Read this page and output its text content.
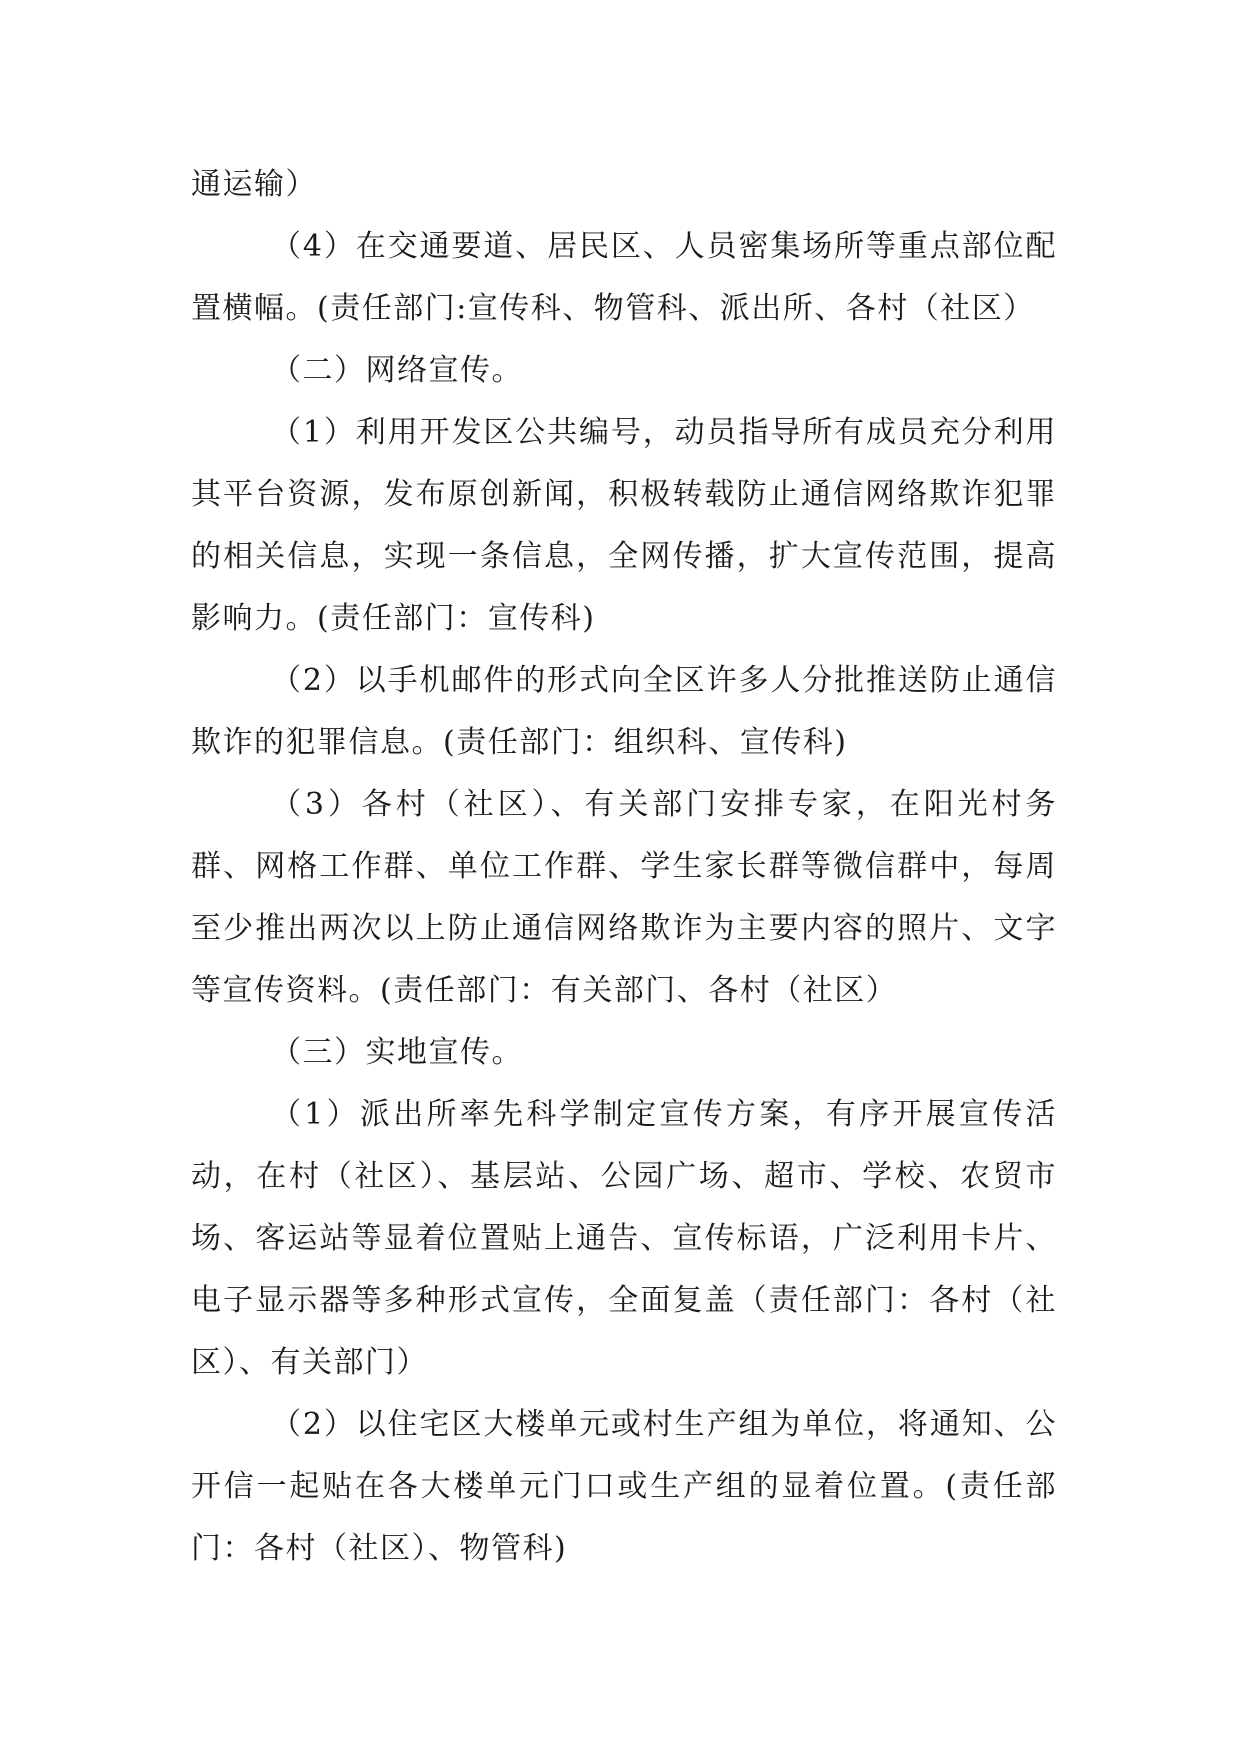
通运输）

（4）在交通要道、居民区、人员密集场所等重点部位配置横幅。(责任部门:宣传科、物管科、派出所、各村（社区）

（二）网络宣传。

（1）利用开发区公共编号，动员指导所有成员充分利用其平台资源，发布原创新闻，积极转载防止通信网络欺诈犯罪的相关信息，实现一条信息，全网传播，扩大宣传范围，提高影响力。(责任部门：宣传科)

（2）以手机邮件的形式向全区许多人分批推送防止通信欺诈的犯罪信息。(责任部门：组织科、宣传科)

（3）各村（社区）、有关部门安排专家，在阳光村务群、网格工作群、单位工作群、学生家长群等微信群中，每周至少推出两次以上防止通信网络欺诈为主要内容的照片、文字等宣传资料。(责任部门：有关部门、各村（社区）

（三）实地宣传。

（1）派出所率先科学制定宣传方案，有序开展宣传活动，在村（社区）、基层站、公园广场、超市、学校、农贸市场、客运站等显着位置贴上通告、宣传标语，广泛利用卡片、电子显示器等多种形式宣传，全面复盖（责任部门：各村（社区）、有关部门）

（2）以住宅区大楼单元或村生产组为单位，将通知、公开信一起贴在各大楼单元门口或生产组的显着位置。(责任部门：各村（社区）、物管科)
